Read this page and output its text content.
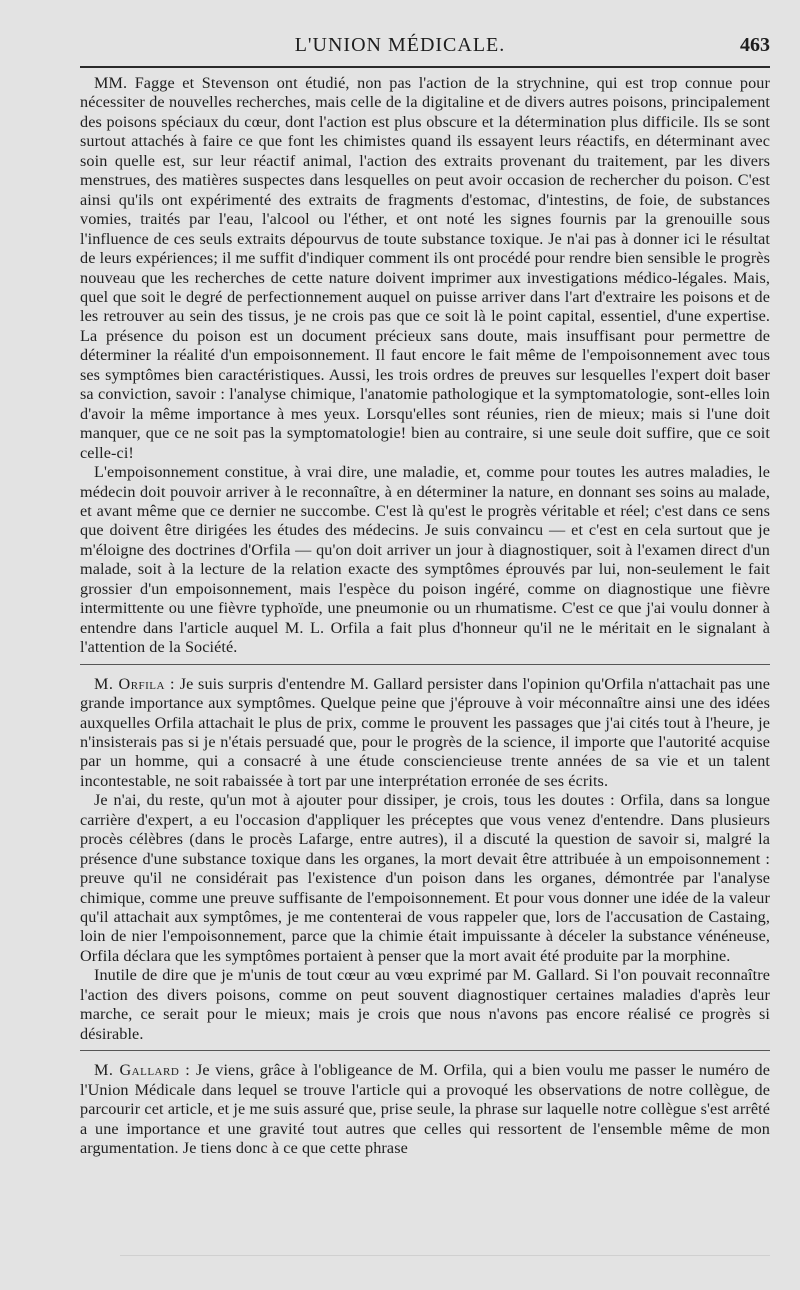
L'UNION MÉDICALE.	463

MM. Fagge et Stevenson ont étudié, non pas l'action de la strychnine, qui est trop connue pour nécessiter de nouvelles recherches, mais celle de la digitaline et de divers autres poisons, principalement des poisons spéciaux du cœur, dont l'action est plus obscure et la détermination plus difficile. Ils se sont surtout attachés à faire ce que font les chimistes quand ils essayent leurs réactifs, en déterminant avec soin quelle est, sur leur réactif animal, l'action des extraits provenant du traitement, par les divers menstrues, des matières suspectes dans lesquelles on peut avoir occasion de rechercher du poison. C'est ainsi qu'ils ont expérimenté des extraits de fragments d'estomac, d'intestins, de foie, de substances vomies, traités par l'eau, l'alcool ou l'éther, et ont noté les signes fournis par la grenouille sous l'influence de ces seuls extraits dépourvus de toute substance toxique. Je n'ai pas à donner ici le résultat de leurs expériences; il me suffit d'indiquer comment ils ont procédé pour rendre bien sensible le progrès nouveau que les recherches de cette nature doivent imprimer aux investigations médico-légales. Mais, quel que soit le degré de perfectionnement auquel on puisse arriver dans l'art d'extraire les poisons et de les retrouver au sein des tissus, je ne crois pas que ce soit là le point capital, essentiel, d'une expertise. La présence du poison est un document précieux sans doute, mais insuffisant pour permettre de déterminer la réalité d'un empoisonnement. Il faut encore le fait même de l'empoisonnement avec tous ses symptômes bien caractéristiques. Aussi, les trois ordres de preuves sur lesquelles l'expert doit baser sa conviction, savoir : l'analyse chimique, l'anatomie pathologique et la symptomatologie, sont-elles loin d'avoir la même importance à mes yeux. Lorsqu'elles sont réunies, rien de mieux; mais si l'une doit manquer, que ce ne soit pas la symptomatologie! bien au contraire, si une seule doit suffire, que ce soit celle-ci!

L'empoisonnement constitue, à vrai dire, une maladie, et, comme pour toutes les autres maladies, le médecin doit pouvoir arriver à le reconnaître, à en déterminer la nature, en donnant ses soins au malade, et avant même que ce dernier ne succombe. C'est là qu'est le progrès véritable et réel; c'est dans ce sens que doivent être dirigées les études des médecins. Je suis convaincu — et c'est en cela surtout que je m'éloigne des doctrines d'Orfila — qu'on doit arriver un jour à diagnostiquer, soit à l'examen direct d'un malade, soit à la lecture de la relation exacte des symptômes éprouvés par lui, non-seulement le fait grossier d'un empoisonnement, mais l'espèce du poison ingéré, comme on diagnostique une fièvre intermittente ou une fièvre typhoïde, une pneumonie ou un rhumatisme. C'est ce que j'ai voulu donner à entendre dans l'article auquel M. L. Orfila a fait plus d'honneur qu'il ne le méritait en le signalant à l'attention de la Société.

M. Orfila : Je suis surpris d'entendre M. Gallard persister dans l'opinion qu'Orfila n'attachait pas une grande importance aux symptômes. Quelque peine que j'éprouve à voir méconnaître ainsi une des idées auxquelles Orfila attachait le plus de prix, comme le prouvent les passages que j'ai cités tout à l'heure, je n'insisterais pas si je n'étais persuadé que, pour le progrès de la science, il importe que l'autorité acquise par un homme, qui a consacré à une étude consciencieuse trente années de sa vie et un talent incontestable, ne soit rabaissée à tort par une interprétation erronée de ses écrits.

Je n'ai, du reste, qu'un mot à ajouter pour dissiper, je crois, tous les doutes : Orfila, dans sa longue carrière d'expert, a eu l'occasion d'appliquer les préceptes que vous venez d'entendre. Dans plusieurs procès célèbres (dans le procès Lafarge, entre autres), il a discuté la question de savoir si, malgré la présence d'une substance toxique dans les organes, la mort devait être attribuée à un empoisonnement : preuve qu'il ne considérait pas l'existence d'un poison dans les organes, démontrée par l'analyse chimique, comme une preuve suffisante de l'empoisonnement. Et pour vous donner une idée de la valeur qu'il attachait aux symptômes, je me contenterai de vous rappeler que, lors de l'accusation de Castaing, loin de nier l'empoisonnement, parce que la chimie était impuissante à déceler la substance vénéneuse, Orfila déclara que les symptômes portaient à penser que la mort avait été produite par la morphine.

Inutile de dire que je m'unis de tout cœur au vœu exprimé par M. Gallard. Si l'on pouvait reconnaître l'action des divers poisons, comme on peut souvent diagnostiquer certaines maladies d'après leur marche, ce serait pour le mieux; mais je crois que nous n'avons pas encore réalisé ce progrès si désirable.

M. Gallard : Je viens, grâce à l'obligeance de M. Orfila, qui a bien voulu me passer le numéro de l'Union Médicale dans lequel se trouve l'article qui a provoqué les observations de notre collègue, de parcourir cet article, et je me suis assuré que, prise seule, la phrase sur laquelle notre collègue s'est arrêté a une importance et une gravité tout autres que celles qui ressortent de l'ensemble même de mon argumentation. Je tiens donc à ce que cette phrase
